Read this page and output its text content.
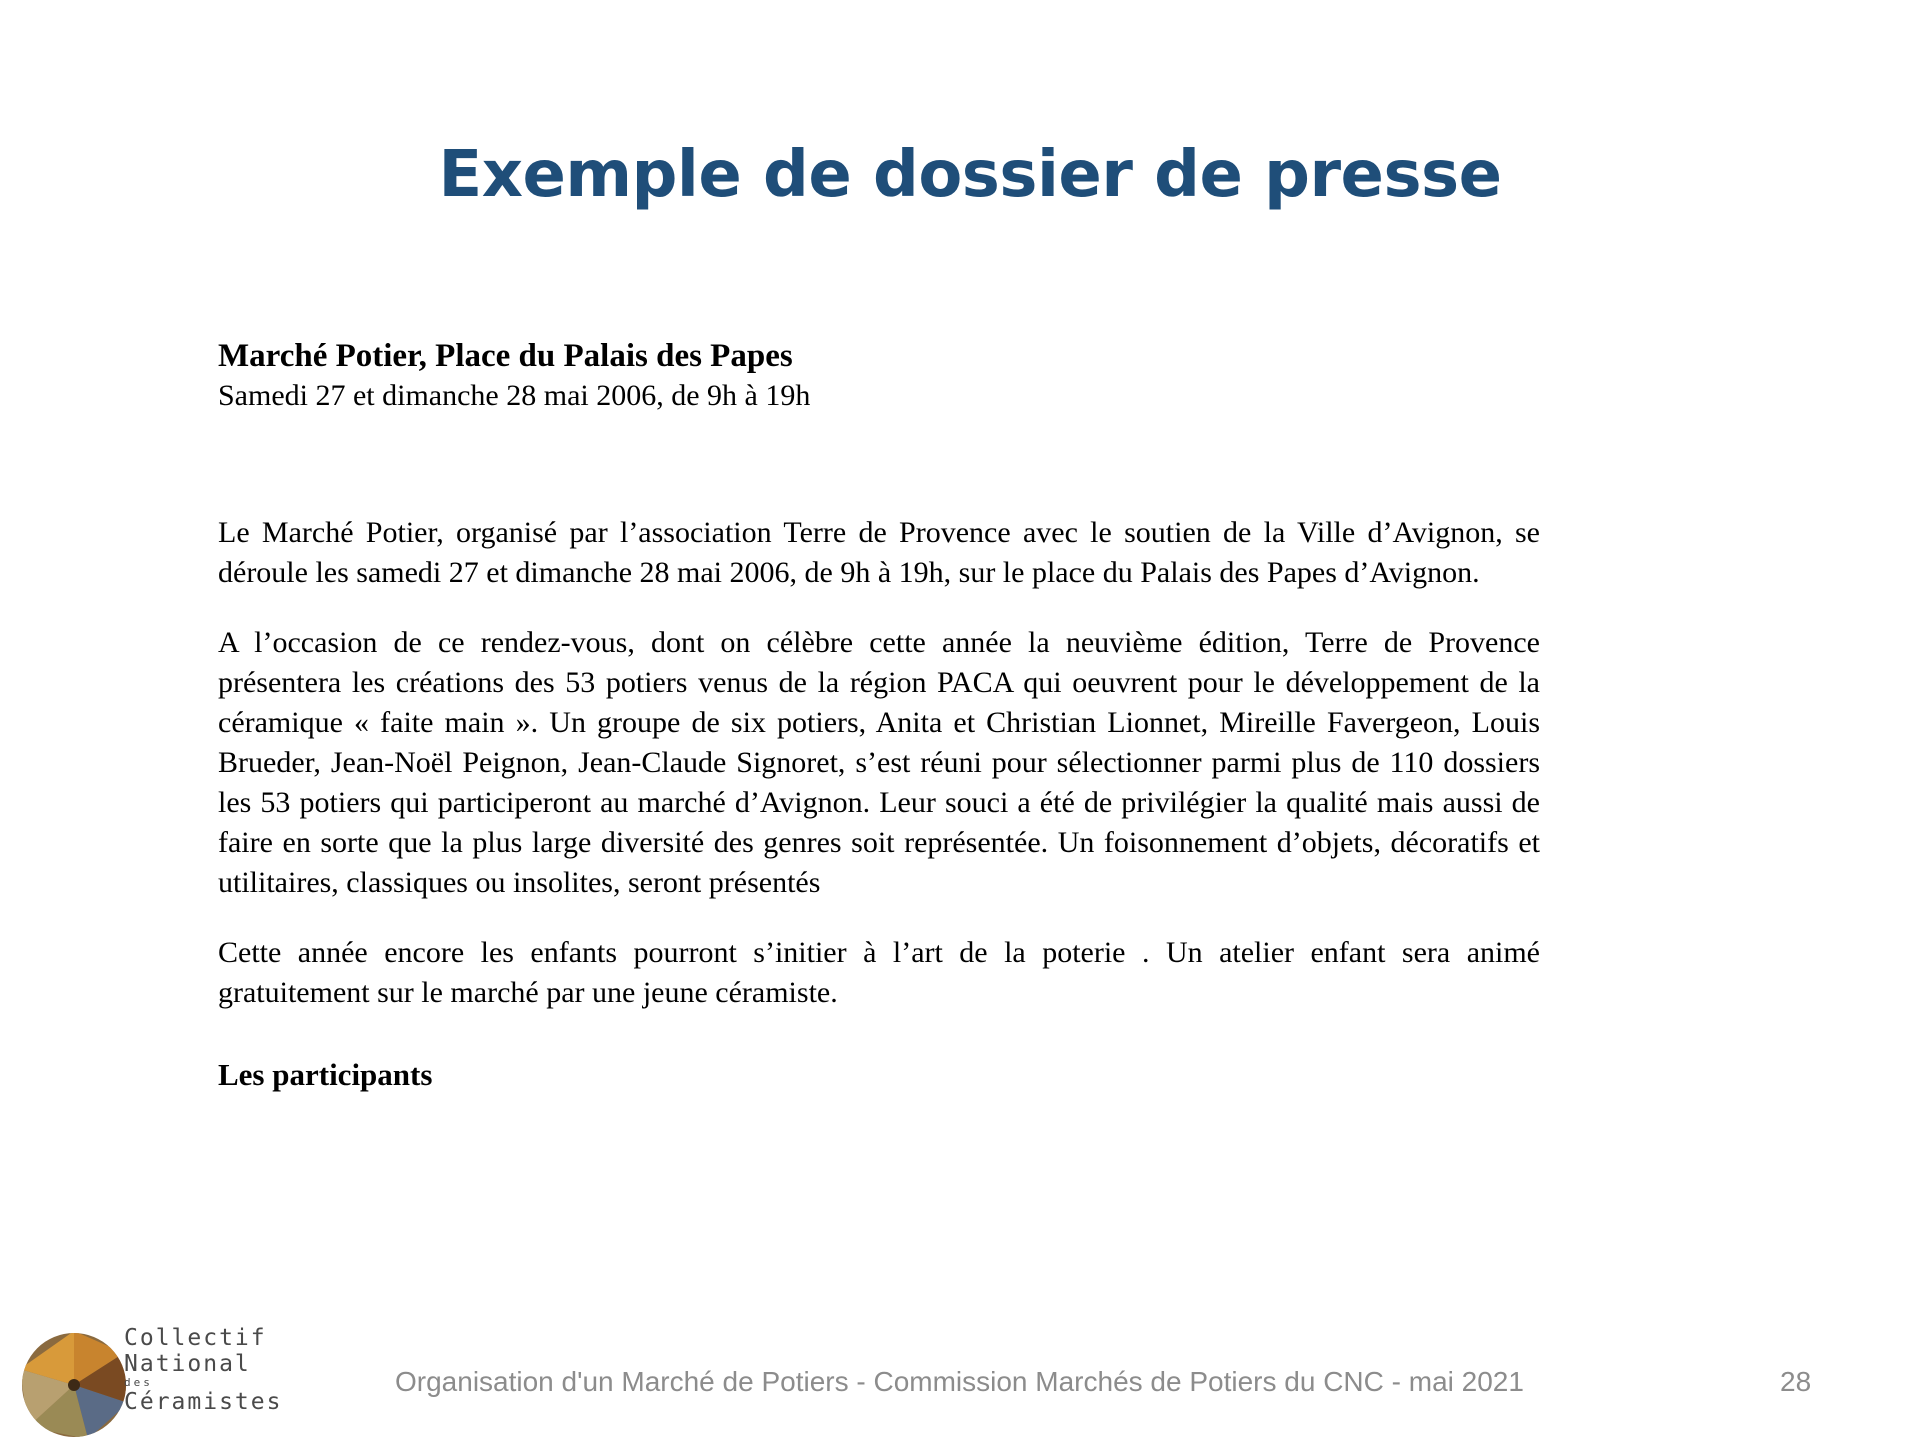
Exemple de dossier de presse

Marché Potier, Place du Palais des Papes

Samedi 27 et dimanche 28 mai 2006, de 9h à 19h

Le Marché Potier, organisé par l’association Terre de Provence avec le soutien de la Ville d’Avignon, se déroule les samedi 27 et dimanche 28 mai 2006, de 9h à 19h, sur le place du Palais des Papes d’Avignon.

A l’occasion de ce rendez-vous, dont on célèbre cette année la neuvième édition, Terre de Provence présentera les créations des 53 potiers venus de la région PACA qui oeuvrent pour le développement de la céramique « faite main ». Un groupe de six potiers, Anita et Christian Lionnet, Mireille Favergeon, Louis Brueder, Jean-Noël Peignon, Jean-Claude Signoret, s’est réuni pour sélectionner parmi plus de 110 dossiers les 53 potiers qui participeront au marché d’Avignon. Leur souci a été de privilégier la qualité mais aussi de faire en sorte que la plus large diversité des genres soit représentée. Un foisonnement d’objets, décoratifs et utilitaires, classiques ou insolites, seront présentés

Cette année encore les enfants pourront s’initier à l’art de la poterie . Un atelier enfant sera animé gratuitement sur le marché par une jeune céramiste.

Les participants

Collectif
National
des
Céramistes
Organisation d'un Marché de Potiers - Commission Marchés de Potiers du CNC - mai 2021	28
